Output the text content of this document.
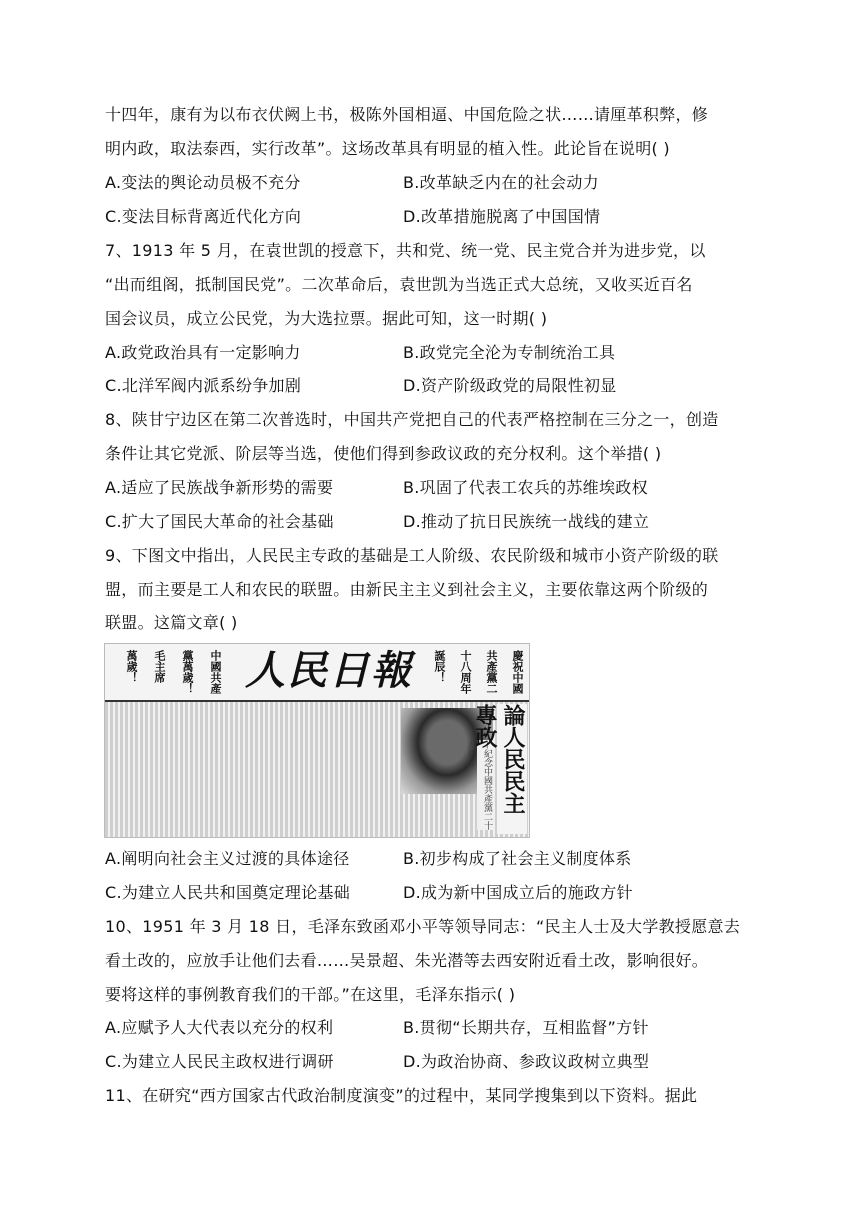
十四年，康有为以布衣伏阙上书，极陈外国相逼、中国危险之状……请厘革积弊，修
明内政，取法泰西，实行改革”。这场改革具有明显的植入性。此论旨在说明( )
A.变法的舆论动员极不充分	B.改革缺乏内在的社会动力
C.变法目标背离近代化方向	D.改革措施脱离了中国国情
7、1913 年 5 月，在袁世凯的授意下，共和党、统一党、民主党合并为进步党，以
“出而组阁，抵制国民党”。二次革命后，袁世凯为当选正式大总统，又收买近百名
国会议员，成立公民党，为大选拉票。据此可知，这一时期( )
A.政党政治具有一定影响力	B.政党完全沦为专制统治工具
C.北洋军阀内派系纷争加剧	D.资产阶级政党的局限性初显
8、陕甘宁边区在第二次普选时，中国共产党把自己的代表严格控制在三分之一，创造
条件让其它党派、阶层等当选，使他们得到参政议政的充分权利。这个举措( )
A.适应了民族战争新形势的需要	B.巩固了代表工农兵的苏维埃政权
C.扩大了国民大革命的社会基础	D.推动了抗日民族统一战线的建立
9、下图文中指出，人民民主专政的基础是工人阶级、农民阶级和城市小资产阶级的联
盟，而主要是工人和农民的联盟。由新民主主义到社会主义，主要依靠这两个阶级的
联盟。这篇文章( )
萬歲！	毛主席	黨萬歲！	中國共產 人民日報	誕辰！	十八周年	共產黨二	慶祝中國
—紀念中國共產黨二十八周年	論人民民主專政
A.阐明向社会主义过渡的具体途径	B.初步构成了社会主义制度体系
C.为建立人民共和国奠定理论基础	D.成为新中国成立后的施政方针
10、1951 年 3 月 18 日，毛泽东致函邓小平等领导同志：“民主人士及大学教授愿意去
看土改的，应放手让他们去看……吴景超、朱光潜等去西安附近看土改，影响很好。
要将这样的事例教育我们的干部。”在这里，毛泽东指示( )
A.应赋予人大代表以充分的权利	B.贯彻“长期共存，互相监督”方针
C.为建立人民民主政权进行调研	D.为政治协商、参政议政树立典型
11、在研究“西方国家古代政治制度演变”的过程中，某同学搜集到以下资料。据此
